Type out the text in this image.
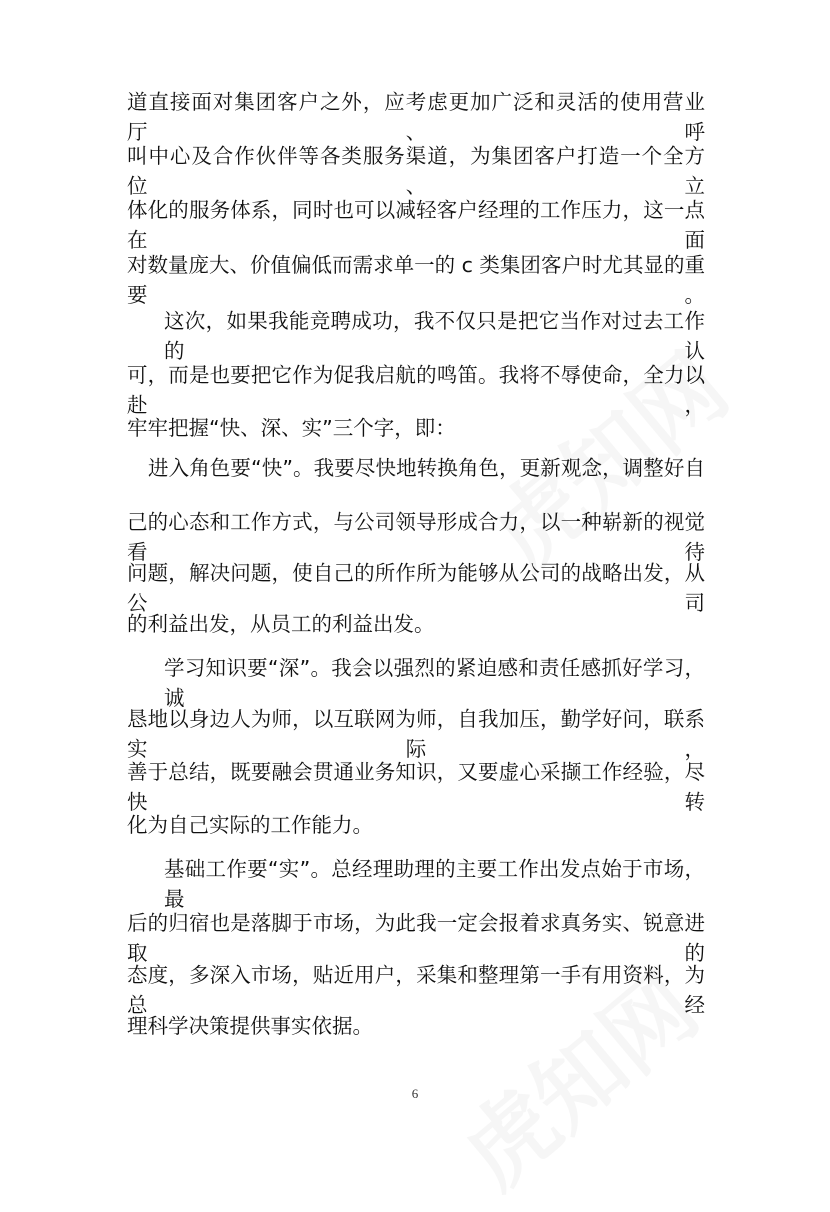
道直接面对集团客户之外，应考虑更加广泛和灵活的使用营业厅、呼
叫中心及合作伙伴等各类服务渠道，为集团客户打造一个全方位、立
体化的服务体系，同时也可以减轻客户经理的工作压力，这一点在面
对数量庞大、价值偏低而需求单一的 c 类集团客户时尤其显的重要。
这次，如果我能竞聘成功，我不仅只是把它当作对过去工作的认
可，而是也要把它作为促我启航的鸣笛。我将不辱使命，全力以赴，
牢牢把握“快、深、实”三个字，即：
进入角色要“快”。我要尽快地转换角色，更新观念，调整好自
己的心态和工作方式，与公司领导形成合力，以一种崭新的视觉看待
问题，解决问题，使自己的所作所为能够从公司的战略出发，从公司
的利益出发，从员工的利益出发。
学习知识要“深”。我会以强烈的紧迫感和责任感抓好学习，诚
恳地以身边人为师，以互联网为师，自我加压，勤学好问，联系实际，
善于总结，既要融会贯通业务知识，又要虚心采撷工作经验，尽快转
化为自己实际的工作能力。
基础工作要“实”。总经理助理的主要工作出发点始于市场，最
后的归宿也是落脚于市场，为此我一定会报着求真务实、锐意进取的
态度，多深入市场，贴近用户，采集和整理第一手有用资料，为总经
理科学决策提供事实依据。
6
